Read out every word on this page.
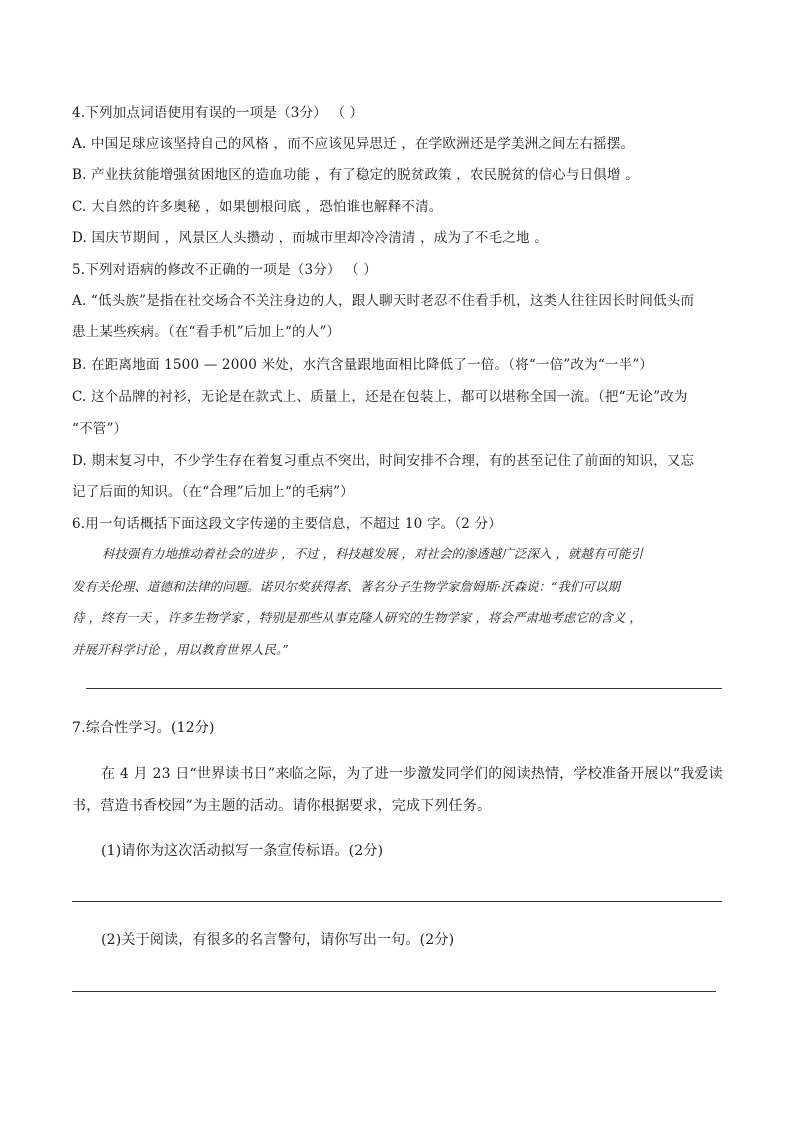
4.下列加点词语使用有误的一项是（3分） （ ）
A. 中国足球应该坚持自己的风格 ，而不应该见异思迁 ，在学欧洲还是学美洲之间左右摇摆。
B. 产业扶贫能增强贫困地区的造血功能 ，有了稳定的脱贫政策 ，农民脱贫的信心与日俱增 。
C. 大自然的许多奥秘 ，如果刨根问底 ，恐怕谁也解释不清。
D. 国庆节期间 ，风景区人头攒动 ，而城市里却冷冷清清 ，成为了不毛之地 。
5.下列对语病的修改不正确的一项是（3分） （ ）
A. “低头族”是指在社交场合不关注身边的人，跟人聊天时老忍不住看手机，这类人往往因长时间低头而
患上某些疾病。（在“看手机”后加上“的人”）
B. 在距离地面 1500 — 2000 米处，水汽含量跟地面相比降低了一倍。（将“一倍”改为“一半”）
C. 这个品牌的衬衫，无论是在款式上、质量上，还是在包装上，都可以堪称全国一流。（把“无论”改为
“不管”）
D. 期末复习中，不少学生存在着复习重点不突出，时间安排不合理，有的甚至记住了前面的知识，又忘
记了后面的知识。（在“合理”后加上“的毛病”）
6.用一句话概括下面这段文字传递的主要信息，不超过 10 字。（2 分）
科技强有力地推动着社会的进步 ，不过 ，科技越发展 ，对社会的渗透越广泛深入 ，就越有可能引
发有关伦理、道德和法律的问题。诺贝尔奖获得者、著名分子生物学家詹姆斯·沃森说：“我们可以期
待 ，终有一天 ，许多生物学家 ，特别是那些从事克隆人研究的生物学家 ，将会严肃地考虑它的含义 ，
并展开科学讨论 ，用以教育世界人民。”
7.综合性学习。(12分)
在 4 月 23 日“世界读书日”来临之际，为了进一步激发同学们的阅读热情，学校准备开展以“我爱读
书，营造书香校园”为主题的活动。请你根据要求，完成下列任务。
(1)请你为这次活动拟写一条宣传标语。(2分)
(2)关于阅读，有很多的名言警句，请你写出一句。(2分)
